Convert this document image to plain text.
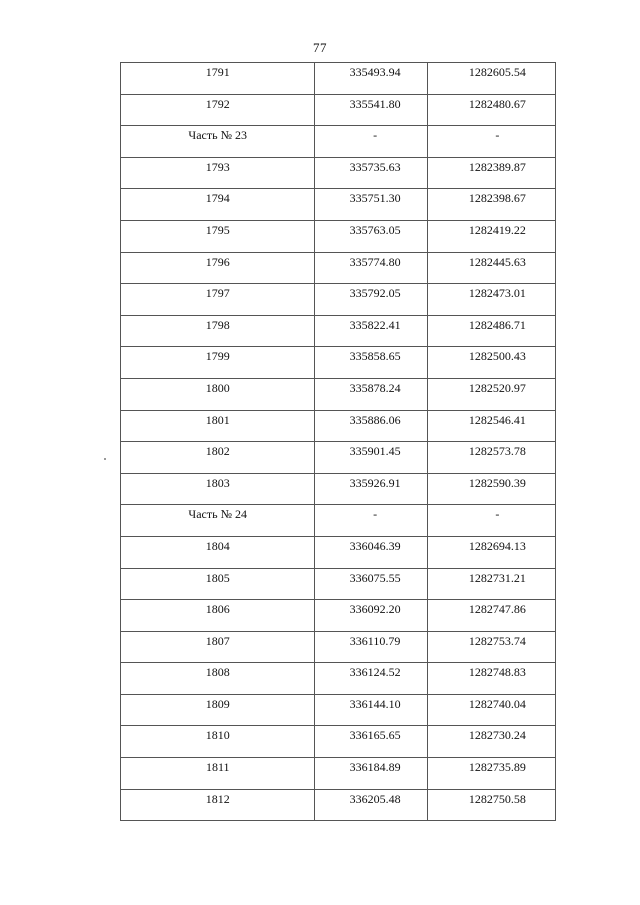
77
1791	335493.94	1282605.54

1792	335541.80	1282480.67

Часть № 23	-	-

1793	335735.63	1282389.87

1794	335751.30	1282398.67

1795	335763.05	1282419.22

1796	335774.80	1282445.63

1797	335792.05	1282473.01

1798	335822.41	1282486.71

1799	335858.65	1282500.43

1800	335878.24	1282520.97

1801	335886.06	1282546.41

1802	335901.45	1282573.78

1803	335926.91	1282590.39

Часть № 24	-	-

1804	336046.39	1282694.13

1805	336075.55	1282731.21

1806	336092.20	1282747.86

1807	336110.79	1282753.74

1808	336124.52	1282748.83

1809	336144.10	1282740.04

1810	336165.65	1282730.24

1811	336184.89	1282735.89

1812	336205.48	1282750.58
